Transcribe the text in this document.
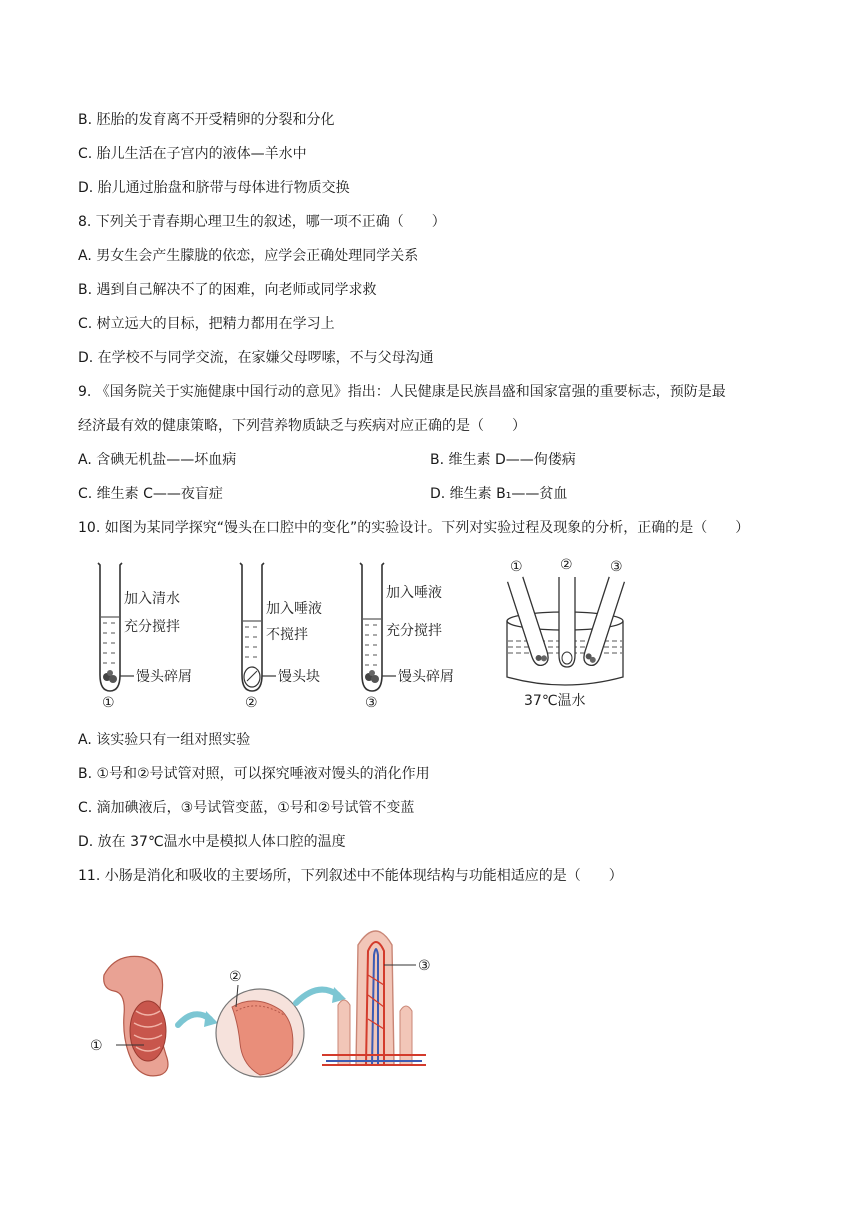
B. 胚胎的发育离不开受精卵的分裂和分化
C. 胎儿生活在子宫内的液体—羊水中
D. 胎儿通过胎盘和脐带与母体进行物质交换
8. 下列关于青春期心理卫生的叙述，哪一项不正确（　　）
A. 男女生会产生朦胧的依恋，应学会正确处理同学关系
B. 遇到自己解决不了的困难，向老师或同学求救
C. 树立远大的目标，把精力都用在学习上
D. 在学校不与同学交流，在家嫌父母啰嗦，不与父母沟通
9. 《国务院关于实施健康中国行动的意见》指出：人民健康是民族昌盛和国家富强的重要标志，预防是最
经济最有效的健康策略，下列营养物质缺乏与疾病对应正确的是（　　）
A. 含碘无机盐——坏血病	B. 维生素 D——佝偻病
C. 维生素 C——夜盲症	D. 维生素 B₁——贫血
10. 如图为某同学探究“馒头在口腔中的变化”的实验设计。下列对实验过程及现象的分析，正确的是（　　）
加入清水
充分搅拌
馒头碎屑
①
加入唾液
不搅拌
馒头块
②
加入唾液
充分搅拌
馒头碎屑
③
①	②	③
37℃温水
A. 该实验只有一组对照实验
B. ①号和②号试管对照，可以探究唾液对馒头的消化作用
C. 滴加碘液后，③号试管变蓝，①号和②号试管不变蓝
D. 放在 37℃温水中是模拟人体口腔的温度
11. 小肠是消化和吸收的主要场所，下列叙述中不能体现结构与功能相适应的是（　　）
①
②
③
